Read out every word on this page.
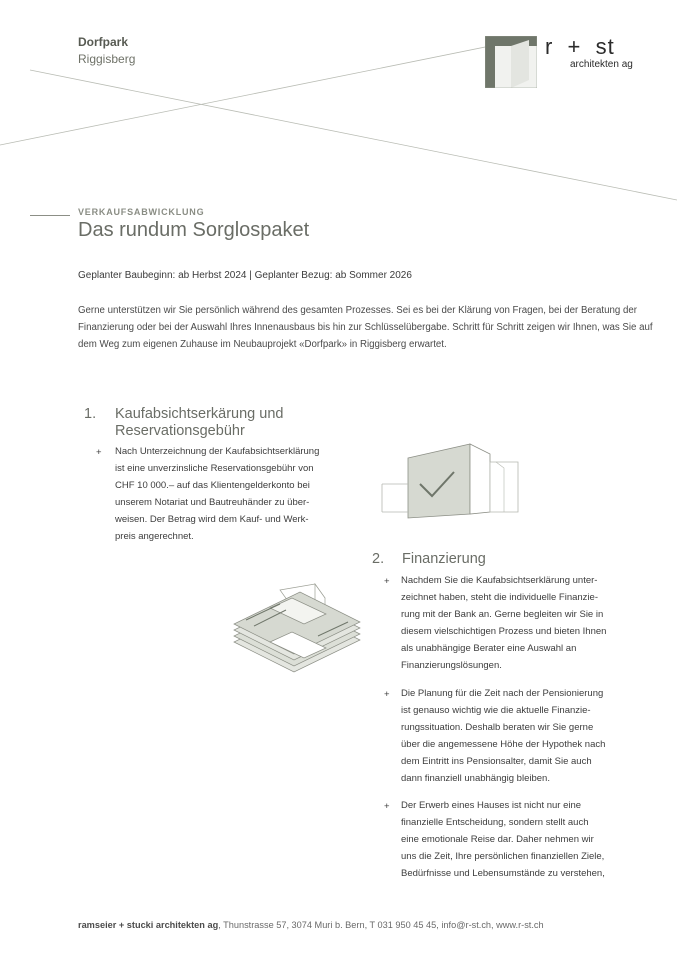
Dorfpark
Riggisberg	r  +  st
architekten ag
VERKAUFSABWICKLUNG
Das rundum Sorglospaket
Geplanter Baubeginn: ab Herbst 2024 | Geplanter Bezug: ab Sommer 2026
Gerne unterstützen wir Sie persönlich während des gesamten Prozesses. Sei es bei der Klärung von Fragen, bei der Beratung der Finanzierung oder bei der Auswahl Ihres Innenausbaus bis hin zur Schlüsselübergabe. Schritt für Schritt zeigen wir Ihnen, was Sie auf dem Weg zum eigenen Zuhause im Neubauprojekt «Dorfpark» in Riggisberg erwartet.
1. Kaufabsichtserkärung und
Reservationsgebühr
+ Nach Unterzeichnung der Kaufabsichtserklärung
ist eine unverzinsliche Reservationsgebühr von
CHF 10 000.– auf das Klientengelderkonto bei
unserem Notariat und Bautreuhänder zu über-
weisen. Der Betrag wird dem Kauf- und Werk-
preis angerechnet.
2. Finanzierung
+ Nachdem Sie die Kaufabsichtserklärung unter-
zeichnet haben, steht die individuelle Finanzie-
rung mit der Bank an. Gerne begleiten wir Sie in
diesem vielschichtigen Prozess und bieten Ihnen
als unabhängige Berater eine Auswahl an
Finanzierungslösungen.
+ Die Planung für die Zeit nach der Pensionierung
ist genauso wichtig wie die aktuelle Finanzie-
rungssituation. Deshalb beraten wir Sie gerne
über die angemessene Höhe der Hypothek nach
dem Eintritt ins Pensionsalter, damit Sie auch
dann finanziell unabhängig bleiben.
+ Der Erwerb eines Hauses ist nicht nur eine
finanzielle Entscheidung, sondern stellt auch
eine emotionale Reise dar. Daher nehmen wir
uns die Zeit, Ihre persönlichen finanziellen Ziele,
Bedürfnisse und Lebensumstände zu verstehen,
ramseier + stucki architekten ag, Thunstrasse 57, 3074 Muri b. Bern, T 031 950 45 45, info@r-st.ch, www.r-st.ch
